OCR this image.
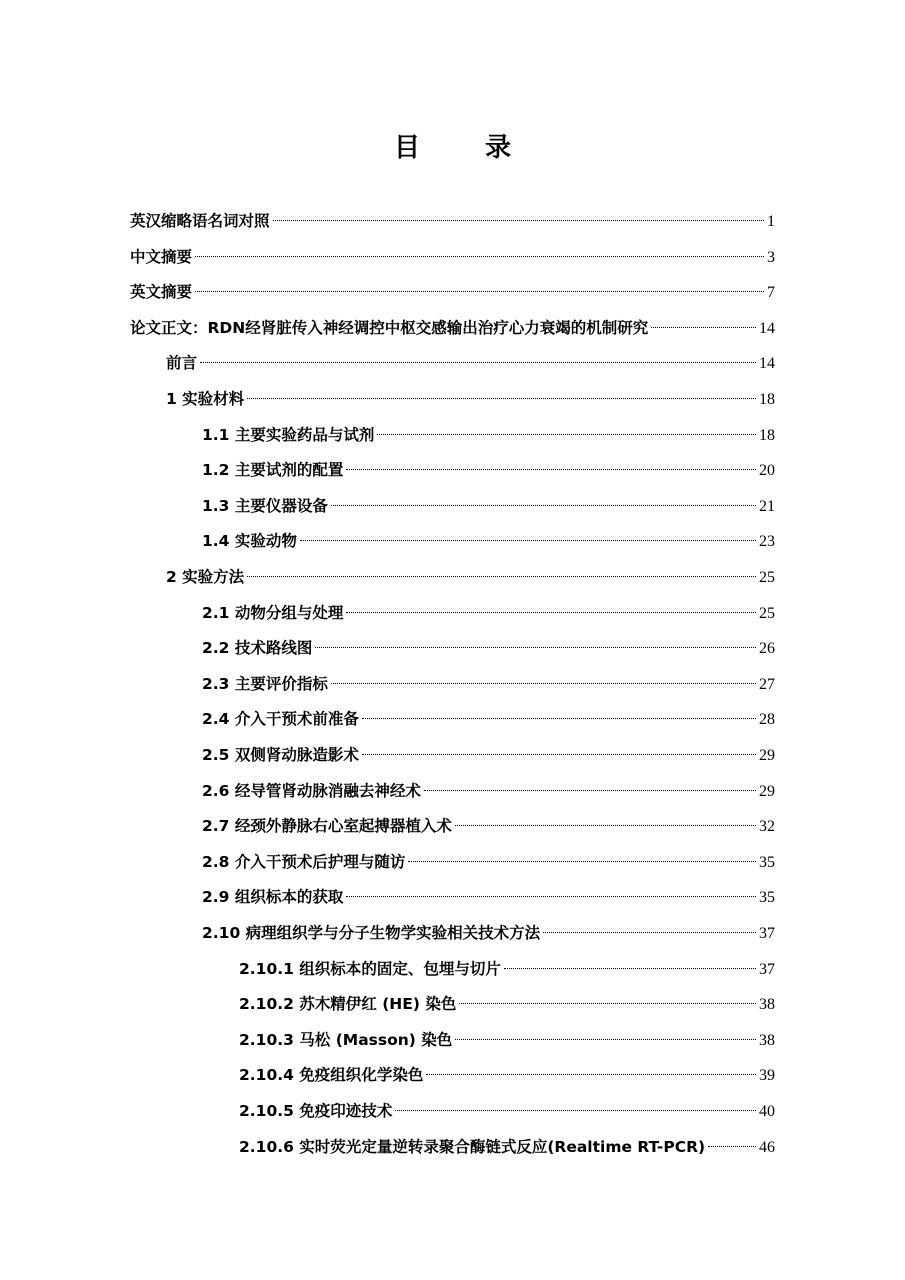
目 录
英汉缩略语名词对照	1
中文摘要	3
英文摘要	7
论文正文：RDN经肾脏传入神经调控中枢交感输出治疗心力衰竭的机制研究	14
前言	14
1 实验材料	18
1.1 主要实验药品与试剂	18
1.2 主要试剂的配置	20
1.3 主要仪器设备	21
1.4 实验动物	23
2 实验方法	25
2.1 动物分组与处理	25
2.2 技术路线图	26
2.3 主要评价指标	27
2.4 介入干预术前准备	28
2.5 双侧肾动脉造影术	29
2.6 经导管肾动脉消融去神经术	29
2.7 经颈外静脉右心室起搏器植入术	32
2.8 介入干预术后护理与随访	35
2.9 组织标本的获取	35
2.10 病理组织学与分子生物学实验相关技术方法	37
2.10.1 组织标本的固定、包埋与切片	37
2.10.2 苏木精伊红 (HE) 染色	38
2.10.3 马松 (Masson) 染色	38
2.10.4 免疫组织化学染色	39
2.10.5 免疫印迹技术	40
2.10.6 实时荧光定量逆转录聚合酶链式反应(Realtime RT-PCR)	46
